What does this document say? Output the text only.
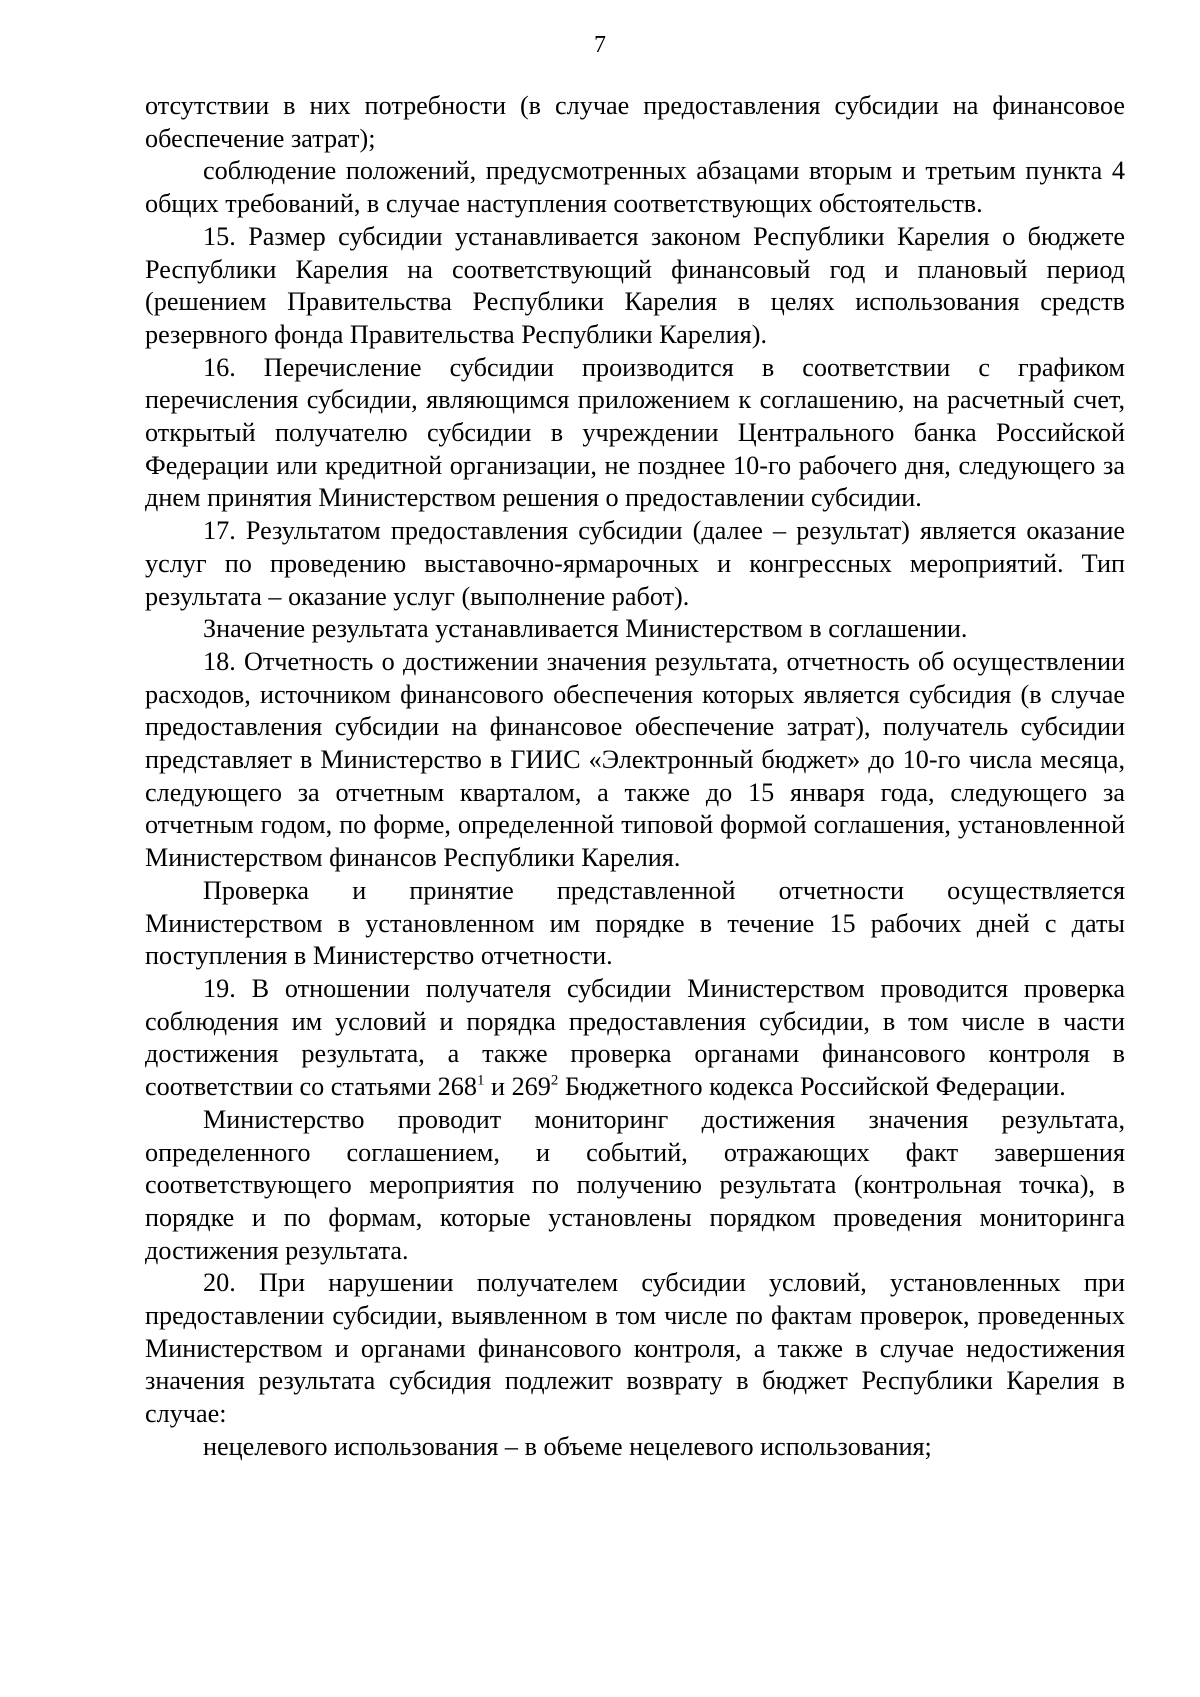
7

отсутствии в них потребности (в случае предоставления субсидии на финансовое обеспечение затрат);

соблюдение положений, предусмотренных абзацами вторым и третьим пункта 4 общих требований, в случае наступления соответствующих обстоятельств.

15. Размер субсидии устанавливается законом Республики Карелия о бюджете Республики Карелия на соответствующий финансовый год и плановый период (решением Правительства Республики Карелия в целях использования средств резервного фонда Правительства Республики Карелия).

16. Перечисление субсидии производится в соответствии с графиком перечисления субсидии, являющимся приложением к соглашению, на расчетный счет, открытый получателю субсидии в учреждении Центрального банка Российской Федерации или кредитной организации, не позднее 10-го рабочего дня, следующего за днем принятия Министерством решения о предоставлении субсидии.

17. Результатом предоставления субсидии (далее – результат) является оказание услуг по проведению выставочно-ярмарочных и конгрессных мероприятий. Тип результата – оказание услуг (выполнение работ).

Значение результата устанавливается Министерством в соглашении.

18. Отчетность о достижении значения результата, отчетность об осуществлении расходов, источником финансового обеспечения которых является субсидия (в случае предоставления субсидии на финансовое обеспечение затрат), получатель субсидии представляет в Министерство в ГИИС «Электронный бюджет» до 10-го числа месяца, следующего за отчетным кварталом, а также до 15 января года, следующего за отчетным годом, по форме, определенной типовой формой соглашения, установленной Министерством финансов Республики Карелия.

Проверка и принятие представленной отчетности осуществляется Министерством в установленном им порядке в течение 15 рабочих дней с даты поступления в Министерство отчетности.

19. В отношении получателя субсидии Министерством проводится проверка соблюдения им условий и порядка предоставления субсидии, в том числе в части достижения результата, а также проверка органами финансового контроля в соответствии со статьями $268^1$ и $269^2$ Бюджетного кодекса Российской Федерации.

Министерство проводит мониторинг достижения значения результата, определенного соглашением, и событий, отражающих факт завершения соответствующего мероприятия по получению результата (контрольная точка), в порядке и по формам, которые установлены порядком проведения мониторинга достижения результата.

20. При нарушении получателем субсидии условий, установленных при предоставлении субсидии, выявленном в том числе по фактам проверок, проведенных Министерством и органами финансового контроля, а также в случае недостижения значения результата субсидия подлежит возврату в бюджет Республики Карелия в случае:

нецелевого использования – в объеме нецелевого использования;
